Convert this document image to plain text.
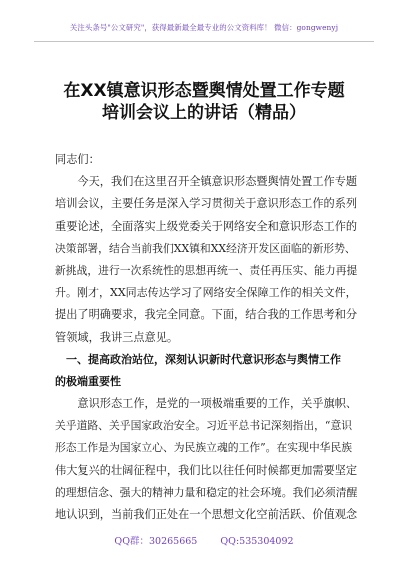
关注头条号"公文研究"，获得最新最全最专业的公文资料库！ 微信：gongwenyj
在XX镇意识形态暨舆情处置工作专题
培训会议上的讲话（精品）
同志们：
　　今天，我们在这里召开全镇意识形态暨舆情处置工作专题
培训会议，主要任务是深入学习贯彻关于意识形态工作的系列
重要论述，全面落实上级党委关于网络安全和意识形态工作的
决策部署，结合当前我们XX镇和XX经济开发区面临的新形势、
新挑战，进行一次系统性的思想再统一、责任再压实、能力再提
升。刚才，XX同志传达学习了网络安全保障工作的相关文件，
提出了明确要求，我完全同意。下面，结合我的工作思考和分
管领域，我讲三点意见。
　一、提高政治站位，深刻认识新时代意识形态与舆情工作
的极端重要性
　　意识形态工作，是党的一项极端重要的工作，关乎旗帜、
关乎道路、关乎国家政治安全。习近平总书记深刻指出，“意识
形态工作是为国家立心、为民族立魂的工作”。在实现中华民族
伟大复兴的壮阔征程中，我们比以往任何时候都更加需要坚定
的理想信念、强大的精神力量和稳定的社会环境。我们必须清醒
地认识到，当前我们正处在一个思想文化空前活跃、价值观念
QQ群：30265665 QQ:535304092
